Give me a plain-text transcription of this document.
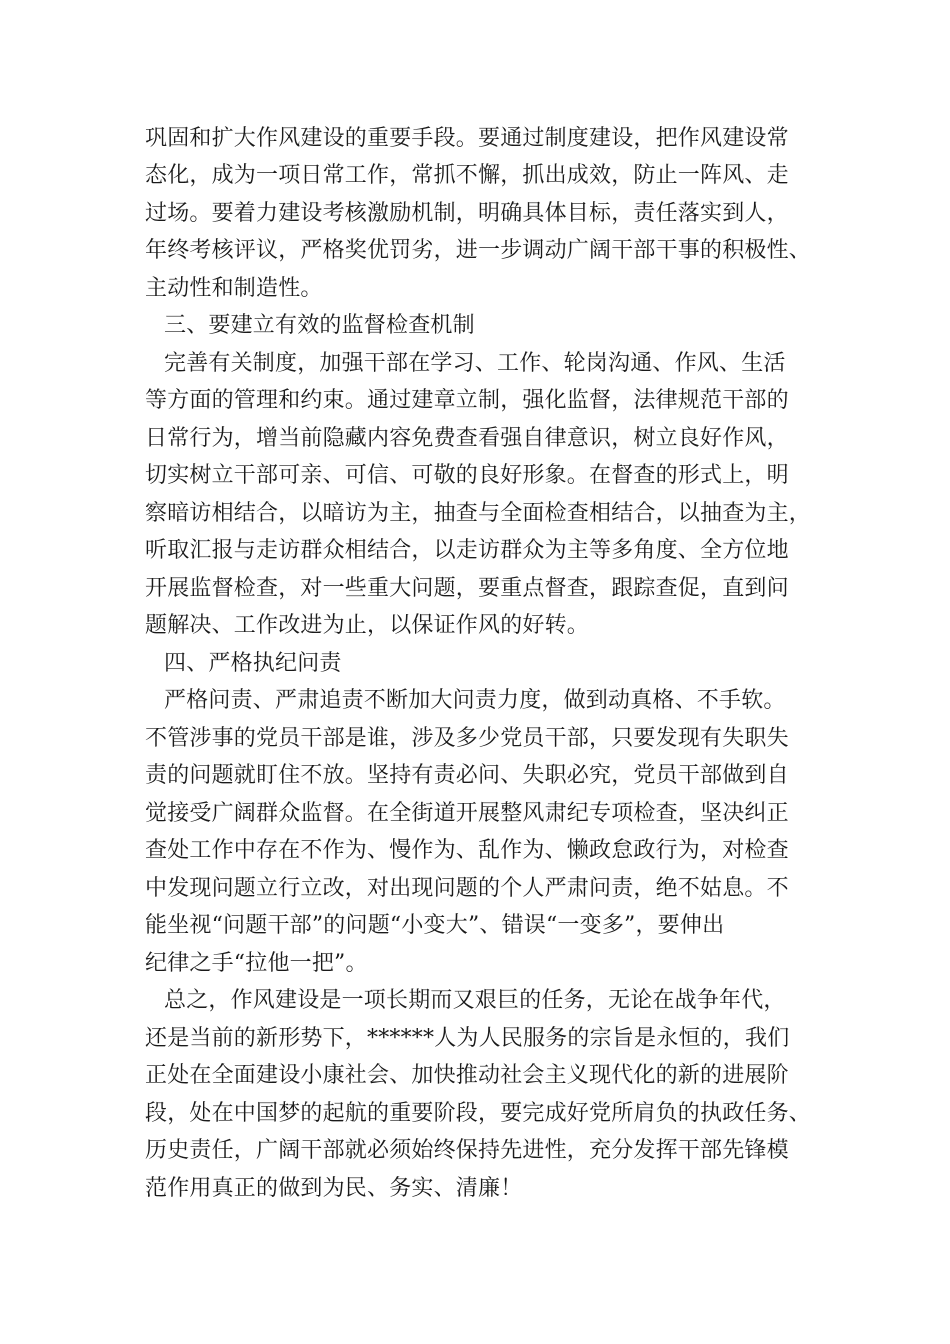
巩固和扩大作风建设的重要手段。要通过制度建设，把作风建设常
态化，成为一项日常工作，常抓不懈，抓出成效，防止一阵风、走
过场。要着力建设考核激励机制，明确具体目标，责任落实到人，
年终考核评议，严格奖优罚劣，进一步调动广阔干部干事的积极性、
主动性和制造性。
三、要建立有效的监督检查机制
完善有关制度，加强干部在学习、工作、轮岗沟通、作风、生活
等方面的管理和约束。通过建章立制，强化监督，法律规范干部的
日常行为，增当前隐藏内容免费查看强自律意识，树立良好作风，
切实树立干部可亲、可信、可敬的良好形象。在督查的形式上，明
察暗访相结合，以暗访为主，抽查与全面检查相结合，以抽查为主，
听取汇报与走访群众相结合，以走访群众为主等多角度、全方位地
开展监督检查，对一些重大问题，要重点督查，跟踪查促，直到问
题解决、工作改进为止，以保证作风的好转。
四、严格执纪问责
严格问责、严肃追责不断加大问责力度，做到动真格、不手软。
不管涉事的党员干部是谁，涉及多少党员干部，只要发现有失职失
责的问题就盯住不放。坚持有责必问、失职必究，党员干部做到自
觉接受广阔群众监督。在全街道开展整风肃纪专项检查，坚决纠正
查处工作中存在不作为、慢作为、乱作为、懒政怠政行为，对检查
中发现问题立行立改，对出现问题的个人严肃问责，绝不姑息。不
能坐视“问题干部”的问题“小变大”、错误“一变多”，要伸出
纪律之手“拉他一把”。
总之，作风建设是一项长期而又艰巨的任务，无论在战争年代，
还是当前的新形势下，******人为人民服务的宗旨是永恒的，我们
正处在全面建设小康社会、加快推动社会主义现代化的新的进展阶
段，处在中国梦的起航的重要阶段，要完成好党所肩负的执政任务、
历史责任，广阔干部就必须始终保持先进性，充分发挥干部先锋模
范作用真正的做到为民、务实、清廉！
